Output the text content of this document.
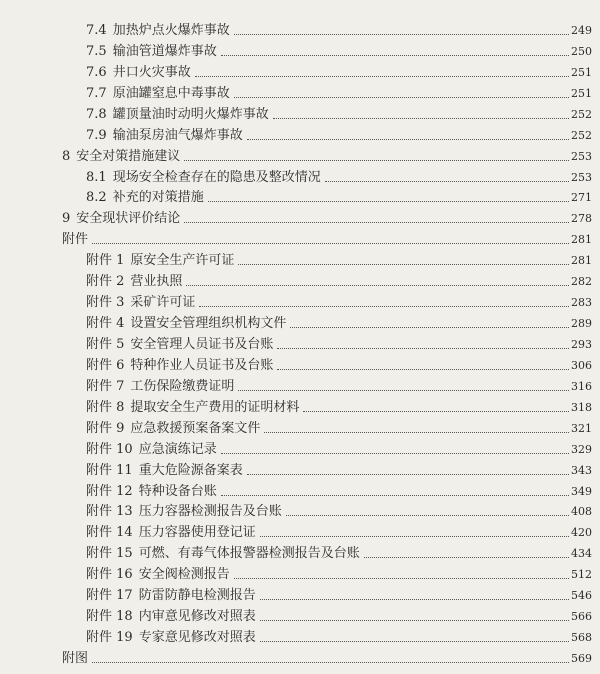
7.4 加热炉点火爆炸事故	249
7.5 输油管道爆炸事故	250
7.6 井口火灾事故	251
7.7 原油罐窒息中毒事故	251
7.8 罐顶量油时动明火爆炸事故	252
7.9 输油泵房油气爆炸事故	252
8 安全对策措施建议	253
8.1 现场安全检查存在的隐患及整改情况	253
8.2 补充的对策措施	271
9 安全现状评价结论	278
附件	281
附件 1 原安全生产许可证	281
附件 2 营业执照	282
附件 3 采矿许可证	283
附件 4 设置安全管理组织机构文件	289
附件 5 安全管理人员证书及台账	293
附件 6 特种作业人员证书及台账	306
附件 7 工伤保险缴费证明	316
附件 8 提取安全生产费用的证明材料	318
附件 9 应急救援预案备案文件	321
附件 10 应急演练记录	329
附件 11 重大危险源备案表	343
附件 12 特种设备台账	349
附件 13 压力容器检测报告及台账	408
附件 14 压力容器使用登记证	420
附件 15 可燃、有毒气体报警器检测报告及台账	434
附件 16 安全阀检测报告	512
附件 17 防雷防静电检测报告	546
附件 18 内审意见修改对照表	566
附件 19 专家意见修改对照表	568
附图	569
